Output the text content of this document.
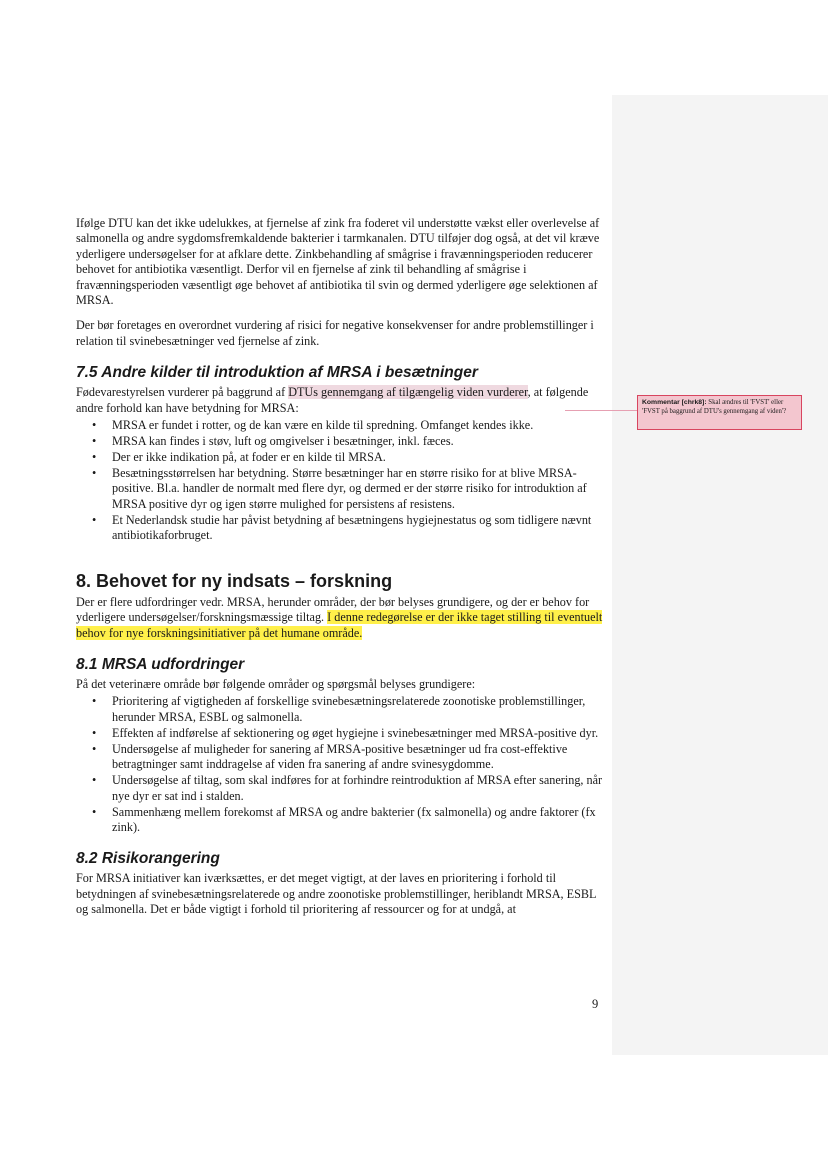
Ifølge DTU kan det ikke udelukkes, at fjernelse af zink fra foderet vil understøtte vækst eller overlevelse af salmonella og andre sygdomsfremkaldende bakterier i tarmkanalen. DTU tilføjer dog også, at det vil kræve yderligere undersøgelser for at afklare dette. Zinkbehandling af smågrise i fravænningsperioden reducerer behovet for antibiotika væsentligt. Derfor vil en fjernelse af zink til behandling af smågrise i fravænningsperioden væsentligt øge behovet af antibiotika til svin og dermed yderligere øge selektionen af MRSA.

Der bør foretages en overordnet vurdering af risici for negative konsekvenser for andre problemstillinger i relation til svinebesætninger ved fjernelse af zink.

7.5 Andre kilder til introduktion af MRSA i besætninger

Fødevarestyrelsen vurderer på baggrund af DTUs gennemgang af tilgængelig viden vurderer, at følgende andre forhold kan have betydning for MRSA:

• MRSA er fundet i rotter, og de kan være en kilde til spredning. Omfanget kendes ikke.
• MRSA kan findes i støv, luft og omgivelser i besætninger, inkl. fæces.
• Der er ikke indikation på, at foder er en kilde til MRSA.
• Besætningsstørrelsen har betydning. Større besætninger har en større risiko for at blive MRSA-positive. Bl.a. handler de normalt med flere dyr, og dermed er der større risiko for introduktion af MRSA positive dyr og igen større mulighed for persistens af resistens.
• Et Nederlandsk studie har påvist betydning af besætningens hygiejnestatus og som tidligere nævnt antibiotikaforbruget.
8. Behovet for ny indsats – forskning

Der er flere udfordringer vedr. MRSA, herunder områder, der bør belyses grundigere, og der er behov for yderligere undersøgelser/forskningsmæssige tiltag. I denne redegørelse er der ikke taget stilling til eventuelt behov for nye forskningsinitiativer på det humane område.

8.1 MRSA udfordringer

På det veterinære område bør følgende områder og spørgsmål belyses grundigere:

• Prioritering af vigtigheden af forskellige svinebesætningsrelaterede zoonotiske problemstillinger, herunder MRSA, ESBL og salmonella.
• Effekten af indførelse af sektionering og øget hygiejne i svinebesætninger med MRSA-positive dyr.
• Undersøgelse af muligheder for sanering af MRSA-positive besætninger ud fra cost-effektive betragtninger samt inddragelse af viden fra sanering af andre svinesygdomme.
• Undersøgelse af tiltag, som skal indføres for at forhindre reintroduktion af MRSA efter sanering, når nye dyr er sat ind i stalden.
• Sammenhæng mellem forekomst af MRSA og andre bakterier (fx salmonella) og andre faktorer (fx zink).
8.2 Risikorangering

For MRSA initiativer kan iværksættes, er det meget vigtigt, at der laves en prioritering i forhold til betydningen af svinebesætningsrelaterede og andre zoonotiske problemstillinger, heriblandt MRSA, ESBL og salmonella. Det er både vigtigt i forhold til prioritering af ressourcer og for at undgå, at

Kommentar [chrk8]: Skal ændres til 'FVST' eller 'FVST på baggrund af DTU's gennemgang af viden'?
9
